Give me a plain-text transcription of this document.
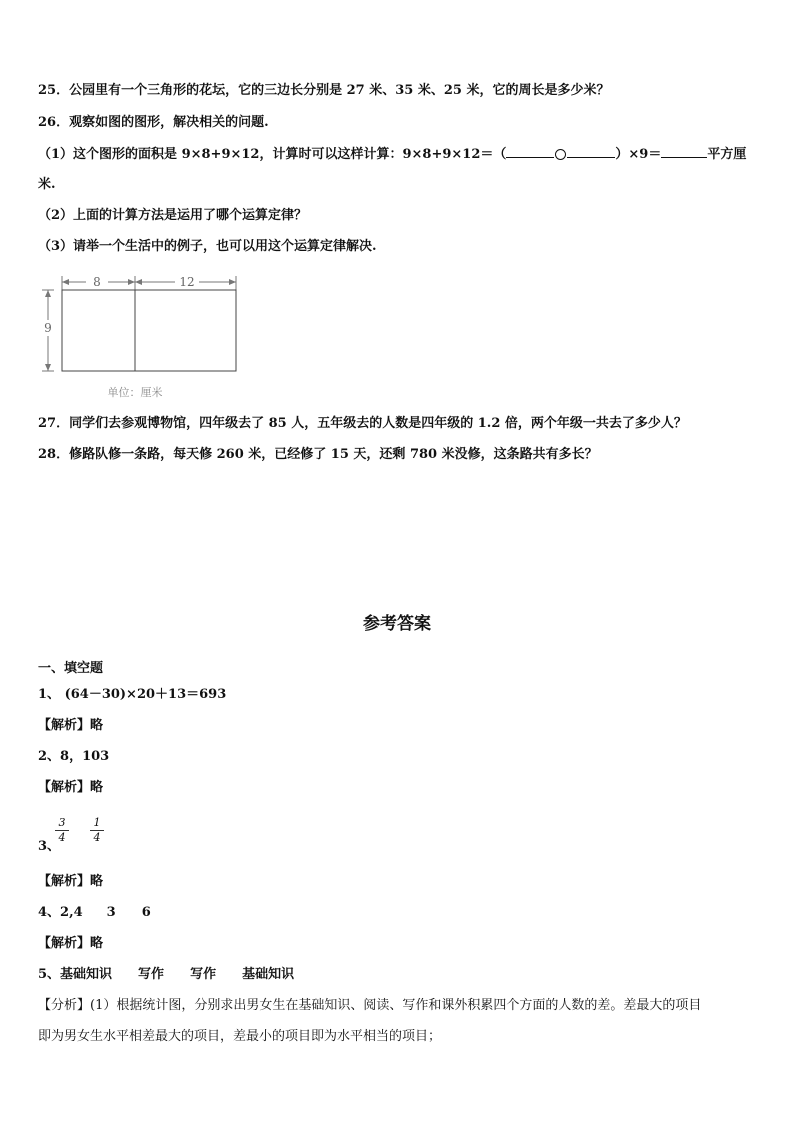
25．公园里有一个三角形的花坛，它的三边长分别是 27 米、35 米、25 米，它的周长是多少米？
26．观察如图的图形，解决相关的问题.
（1）这个图形的面积是 9×8+9×12，计算时可以这样计算：9×8+9×12＝（	）×9＝	平方厘
米.
（2）上面的计算方法是运用了哪个运算定律？
（3）请举一个生活中的例子，也可以用这个运算定律解决.
8	12
9
单位：厘米
27．同学们去参观博物馆，四年级去了 85 人，五年级去的人数是四年级的 1.2 倍，两个年级一共去了多少人？
28．修路队修一条路，每天修 260 米，已经修了 15 天，还剩 780 米没修，这条路共有多长？
参考答案
一、填空题
1、 (64－30)×20＋13＝693
【解析】略
2、8，103
【解析】略
3
4
1
4
3、
【解析】略
4、2,4 3 6
【解析】略
5、基础知识 写作 写作 基础知识
【分析】(1）根据统计图，分别求出男女生在基础知识、阅读、写作和课外积累四个方面的人数的差。差最大的项目
即为男女生水平相差最大的项目，差最小的项目即为水平相当的项目；
